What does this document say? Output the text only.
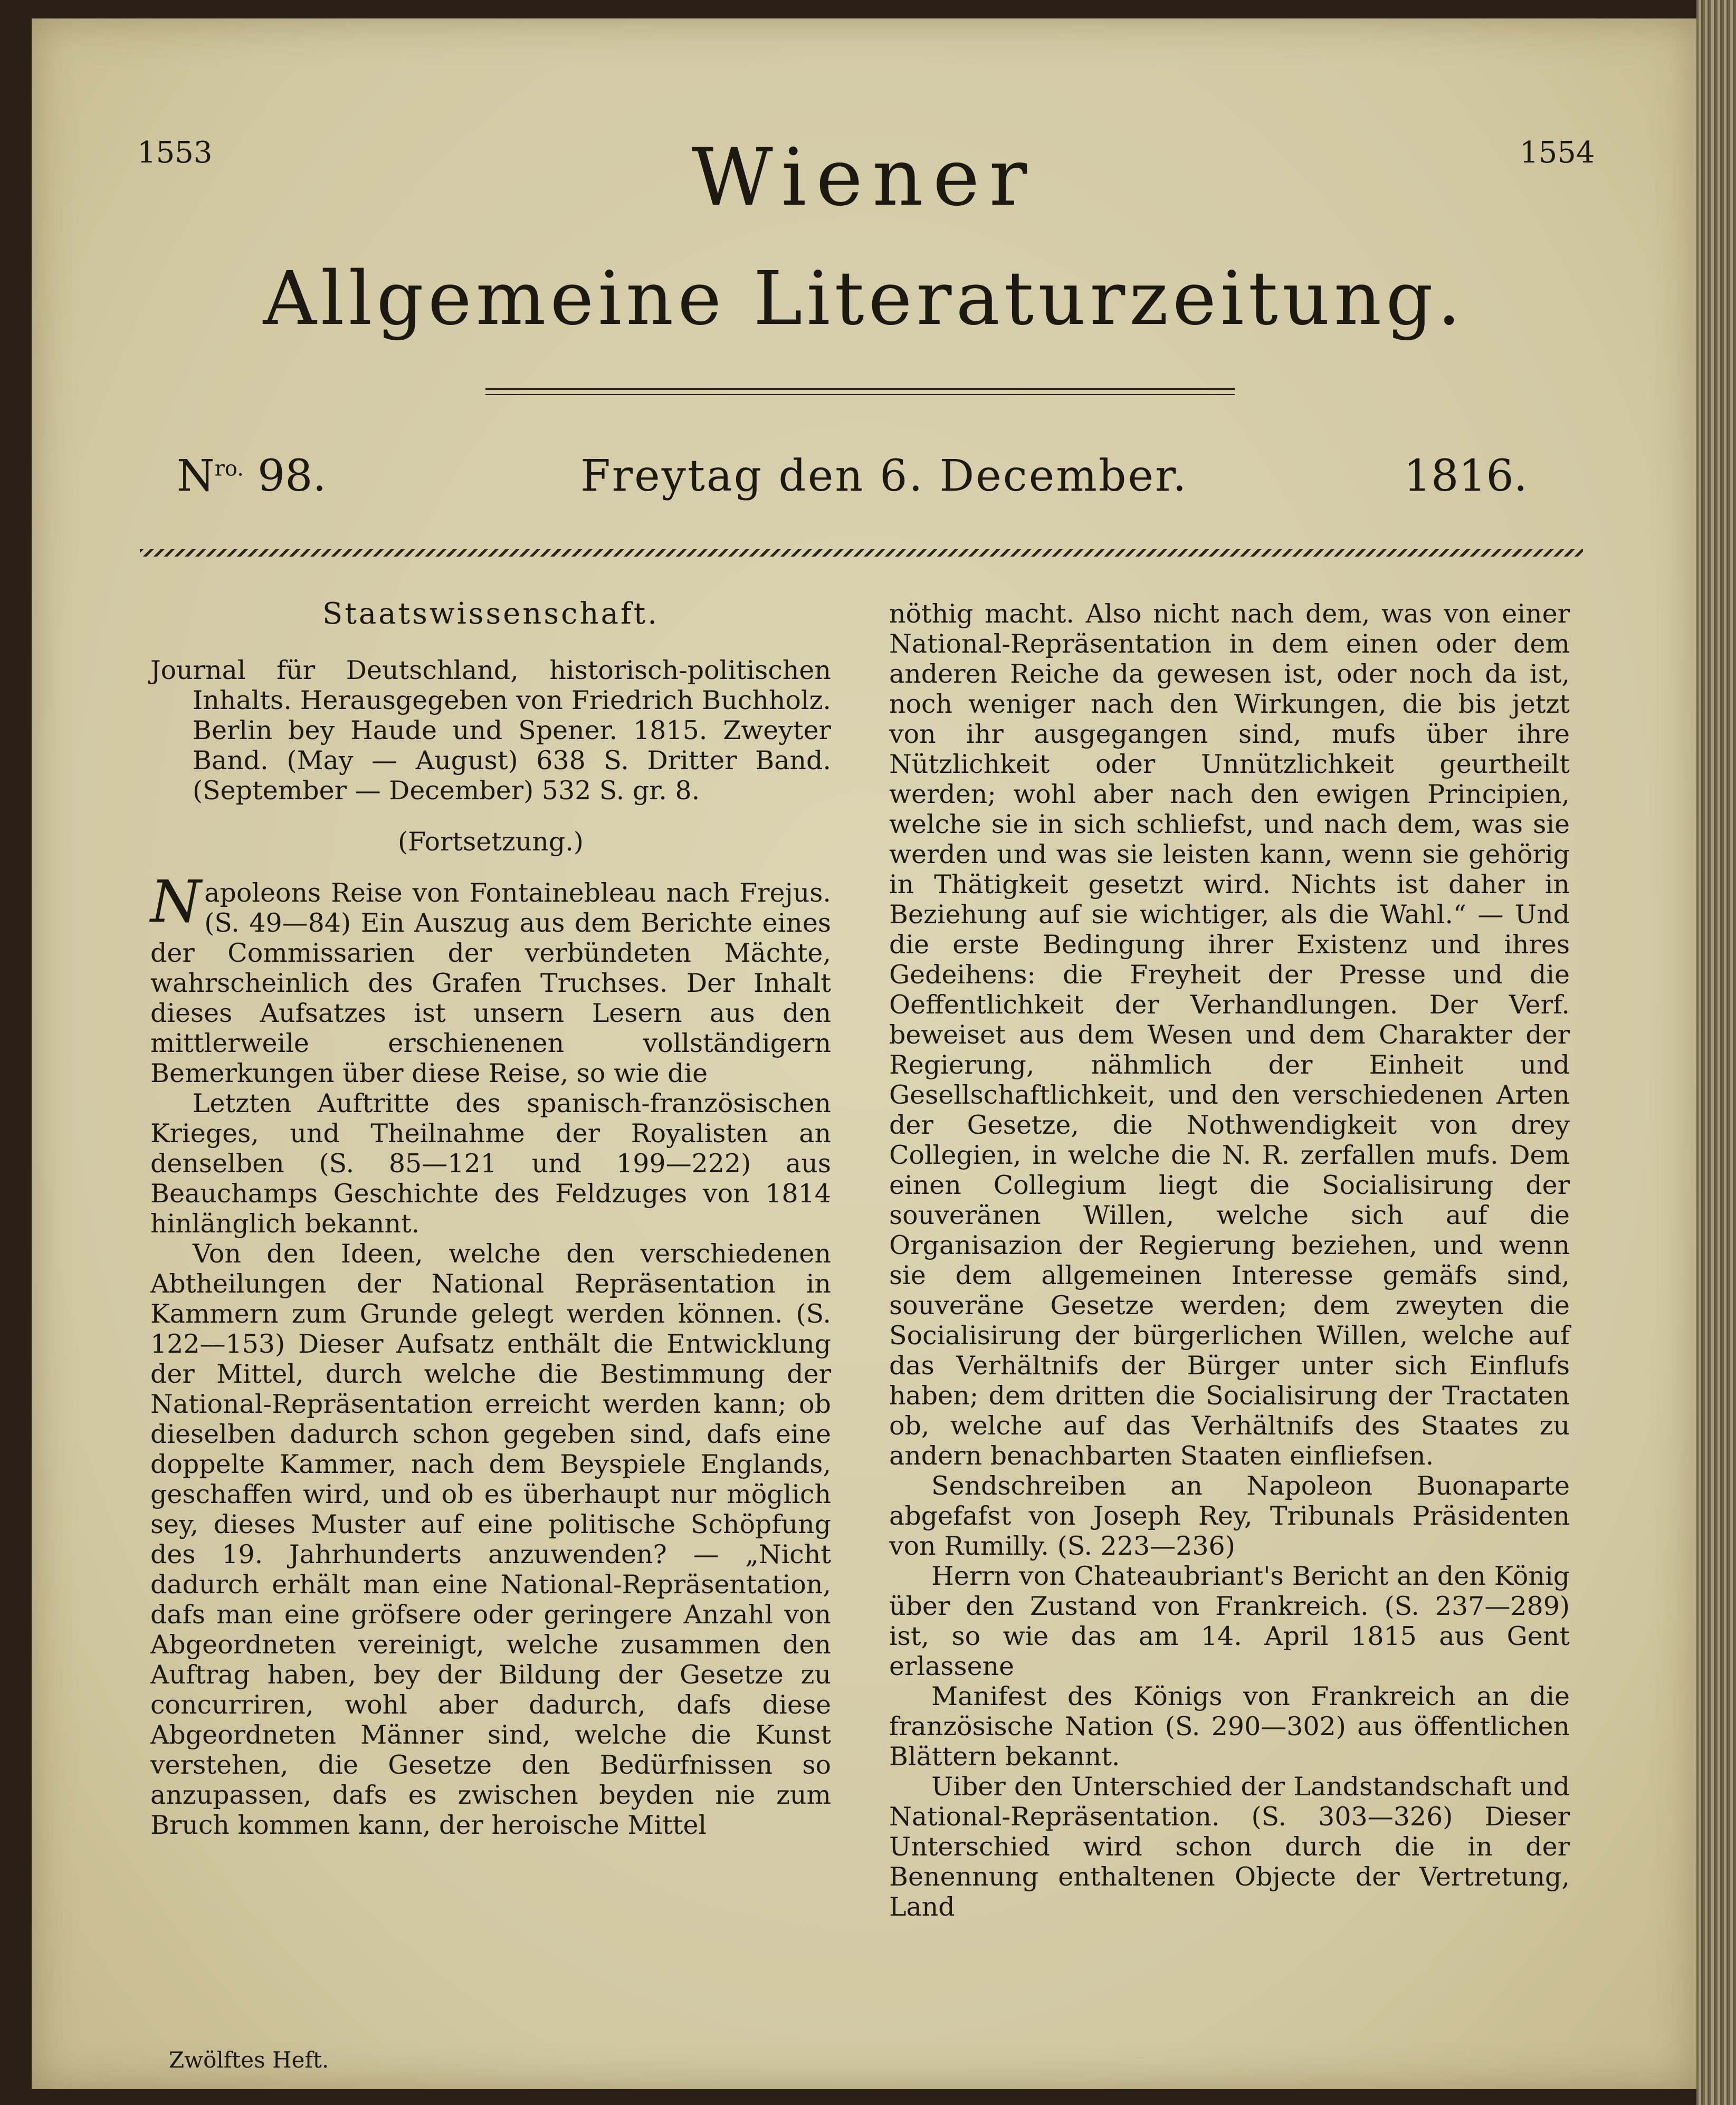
1553	1554
Wiener
Allgemeine Literaturzeitung.
$N^{ro.}$ 98.	Freytag den 6. December.	1816.

Staatswissenschaft.

Journal für Deutschland, historisch-politischen Inhalts. Herausgegeben von Friedrich Buchholz. Berlin bey Haude und Spener. 1815. Zweyter Band. (May — August) 638 S. Dritter Band. (September — December) 532 S. gr. 8.

(Fortsetzung.)

Napoleons Reise von Fontainebleau nach Frejus. (S. 49—84) Ein Auszug aus dem Berichte eines der Commissarien der verbündeten Mächte, wahrscheinlich des Grafen Truchses. Der Inhalt dieses Aufsatzes ist unsern Lesern aus den mittlerweile erschienenen vollständigern Bemerkungen über diese Reise, so wie die

Letzten Auftritte des spanisch-französischen Krieges, und Theilnahme der Royalisten an denselben (S. 85—121 und 199—222) aus Beauchamps Geschichte des Feldzuges von 1814 hinlänglich bekannt.

Von den Ideen, welche den verschiedenen Abtheilungen der National Repräsentation in Kammern zum Grunde gelegt werden können. (S. 122—153) Dieser Aufsatz enthält die Entwicklung der Mittel, durch welche die Bestimmung der National-Repräsentation erreicht werden kann; ob dieselben dadurch schon gegeben sind, dafs eine doppelte Kammer, nach dem Beyspiele Englands, geschaffen wird, und ob es überhaupt nur möglich sey, dieses Muster auf eine politische Schöpfung des 19. Jahrhunderts anzuwenden? — „Nicht dadurch erhält man eine National-Repräsentation, dafs man eine gröfsere oder geringere Anzahl von Abgeordneten vereinigt, welche zusammen den Auftrag haben, bey der Bildung der Gesetze zu concurriren, wohl aber dadurch, dafs diese Abgeordneten Männer sind, welche die Kunst verstehen, die Gesetze den Bedürfnissen so anzupassen, dafs es zwischen beyden nie zum Bruch kommen kann, der heroische Mittel

nöthig macht. Also nicht nach dem, was von einer National-Repräsentation in dem einen oder dem anderen Reiche da gewesen ist, oder noch da ist, noch weniger nach den Wirkungen, die bis jetzt von ihr ausgegangen sind, mufs über ihre Nützlichkeit oder Unnützlichkeit geurtheilt werden; wohl aber nach den ewigen Principien, welche sie in sich schliefst, und nach dem, was sie werden und was sie leisten kann, wenn sie gehörig in Thätigkeit gesetzt wird. Nichts ist daher in Beziehung auf sie wichtiger, als die Wahl.“ — Und die erste Bedingung ihrer Existenz und ihres Gedeihens: die Freyheit der Presse und die Oeffentlichkeit der Verhandlungen. Der Verf. beweiset aus dem Wesen und dem Charakter der Regierung, nähmlich der Einheit und Gesellschaftlichkeit, und den verschiedenen Arten der Gesetze, die Nothwendigkeit von drey Collegien, in welche die N. R. zerfallen mufs. Dem einen Collegium liegt die Socialisirung der souveränen Willen, welche sich auf die Organisazion der Regierung beziehen, und wenn sie dem allgemeinen Interesse gemäfs sind, souveräne Gesetze werden; dem zweyten die Socialisirung der bürgerlichen Willen, welche auf das Verhältnifs der Bürger unter sich Einflufs haben; dem dritten die Socialisirung der Tractaten ob, welche auf das Verhältnifs des Staates zu andern benachbarten Staaten einfliefsen.

Sendschreiben an Napoleon Buonaparte abgefafst von Joseph Rey, Tribunals Präsidenten von Rumilly. (S. 223—236)

Herrn von Chateaubriant's Bericht an den König über den Zustand von Frankreich. (S. 237—289) ist, so wie das am 14. April 1815 aus Gent erlassene

Manifest des Königs von Frankreich an die französische Nation (S. 290—302) aus öffentlichen Blättern bekannt.

Uiber den Unterschied der Landstandschaft und National-Repräsentation. (S. 303—326) Dieser Unterschied wird schon durch die in der Benennung enthaltenen Objecte der Vertretung, Land

Zwölftes Heft.
